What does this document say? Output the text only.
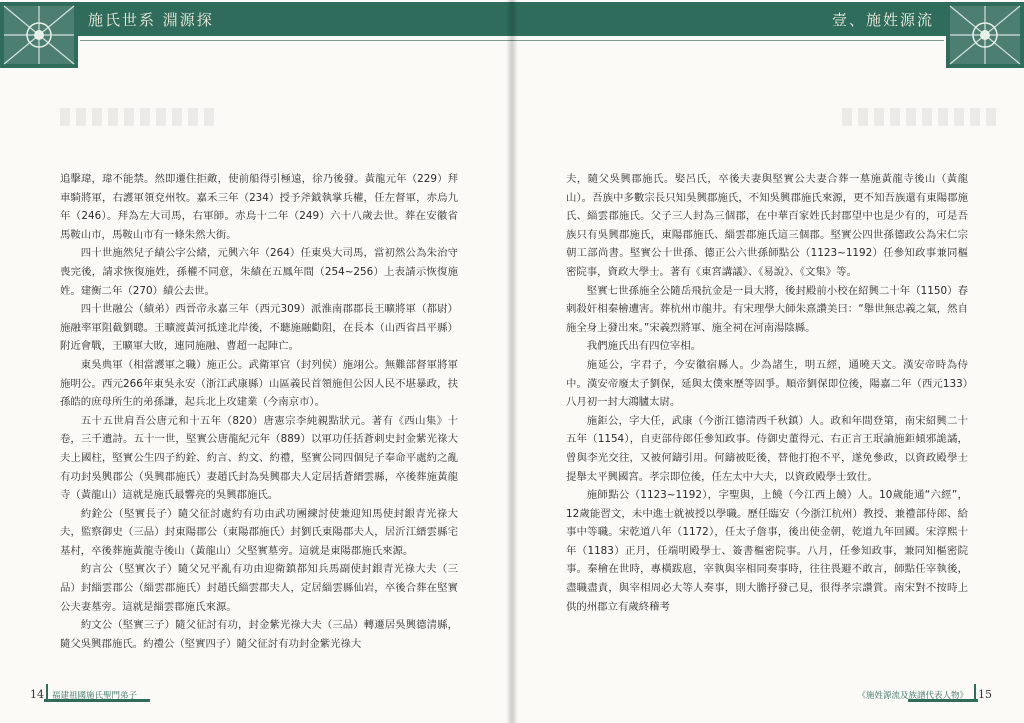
施氏世系 淵源探

追擊瑋，瑋不能禁。然即遷住拒敵，使前船得引極遠，徐乃後發。黃龍元年（229）拜車騎將軍，右護軍領兗州牧。嘉禾三年（234）授予斧鉞執掌兵權，任左督軍，赤烏九年（246）。拜為左大司馬，右軍師。赤烏十二年（249）六十八歲去世。葬在安徽省馬鞍山市，馬鞍山市有一條朱然大街。

四十世施然兒子績公字公緒，元興六年（264）任東吳大司馬，當初然公為朱治守喪完後，請求恢復施姓，孫權不同意，朱績在五鳳年間（254~256）上表請示恢復施姓。建衡二年（270）績公去世。

四十世融公（績弟）西晉帝永嘉三年（西元309）派淮南郡郡長王曠將軍（都尉）施融率軍阻截劉聰。王曠渡黃河抵達北岸後，不聽施融勸阻，在長本（山西省昌平縣）附近會戰，王曠軍大敗，連同施融、曹超一起陣亡。

東吳典軍（相當護軍之職）施正公。武衛軍官（封列侯）施翊公。無難部督軍將軍施明公。西元266年東吳永安（浙江武康縣）山區義民首領施但公因人民不堪暴政，扶孫皓的庶母所生的弟孫謙，起兵北上攻建業（今南京市）。

五十五世肩吾公唐元和十五年（820）唐憲宗李純親點狀元。著有《西山集》十卷，三千遺詩。五十一世，堅實公唐龍紀元年（889）以軍功任括蒼刺史封金紫光祿大夫上國柱，堅實公生四子約銓、約言、約文、約禮，堅實公同四個兒子奉命平處約之亂有功封吳興郡公（吳興郡施氏）妻趙氏封為吳興郡夫人定居括蒼縉雲縣，卒後葬施黃龍寺（黃龍山）這就是施氏最響亮的吳興郡施氏。

約銓公（堅實長子）隨父征討處約有功由武功團練討使兼迎知馬使封銀青光祿大夫，監察御史（三品）封東陽郡公（東陽郡施氏）封劉氏東陽郡夫人，居沂江縉雲縣宅基村，卒後葬施黃龍寺後山（黃龍山）父堅實墓旁。這就是東陽郡施氏來源。

約言公（堅實次子）隨父兄平亂有功由迎衛鎮都知兵馬副使封銀青光祿大夫（三品）封緇雲郡公（緇雲郡施氏）封趙氏緇雲郡夫人，定居緇雲縣仙岩，卒後合葬在堅實公夫妻墓旁。這就是緇雲郡施氏來源。

約文公（堅實三子）隨父征討有功，封金紫光祿大夫（三品）轉遷居吳興德清縣，隨父吳興郡施氏。約禮公（堅實四子）隨父征討有功封金紫光祿大

14 福建祖國施氏聖門弟子
壹、施姓源流

夫，隨父吳興郡施氏。娶呂氏，卒後夫妻與堅實公夫妻合葬一墓施黃龍寺後山（黃龍山）。吾族中多數宗長只知吳興郡施氏，不知吳興郡施氏來源，更不知吾族還有東陽郡施氏、緇雲郡施氏。父子三人封為三個郡，在中華百家姓氏封郡望中也是少有的，可是吾族只有吳興郡施氏，東陽郡施氏、緇雲郡施氏這三個郡。堅實公四世孫德政公為宋仁宗朝工部尚書。堅實公十世孫、德正公六世孫師點公（1123~1192）任參知政事兼同樞密院事，資政大學士。著有《東宮講議》、《易說》、《文集》等。

堅實七世孫施全公隨岳飛抗金是一員大將，後封殿前小校在紹興二十年（1150）春刺殺奸相秦檜遭害。葬杭州市龍井。有宋理學大師朱熹讚美曰：“舉世無忠義之氣，然自施全身上發出來。”宋義烈將軍、施全祠在河南湯陰縣。

我們施氏出有四位宰相。

施延公，字君子，今安徽宿縣人。少為諸生，明五經，通曉天文。漢安帝時為侍中。漢安帝廢太子劉保，延與太僕來歷等固爭。順帝劉保即位後，陽嘉二年（西元133）八月初一封大鴻臚太尉。

施鉅公，字大任，武康（今浙江德清西千秋鎮）人。政和年間登第，南宋紹興二十五年（1154），自吏部侍郎任參知政事。侍御史董得元、右正言王珉論施鉅傾邪詭譎，曾與李光交往，又被何鑄引用。何鑄被貶後，替他打抱不平，遂免參政，以資政殿學士提舉太平興國宮。孝宗即位後，任左太中大夫，以資政殿學士致仕。

施師點公（1123~1192），字聖與，上饒（今江西上饒）人。10歲能通“六經”，12歲能習文，未中進士就被授以學職。歷任臨安（今浙江杭州）教授、兼禮部侍郎、給事中等職。宋乾道八年（1172），任太子詹事，後出使金朝，乾道九年回國。宋淳熙十年（1183）正月，任端明殿學士、簽書樞密院事。八月，任參知政事，兼同知樞密院事。秦檜在世時，專橫跋扈，宰執與宰相同奏事時，往往畏避不敢言，師點任宰執後，盡職盡責，與宰相周必大等人奏事，則大膽抒發己見，很得孝宗讚賞。南宋對不按時上供的州郡立有歲終稽考

15
《施姓源流及族譜代表人物》
